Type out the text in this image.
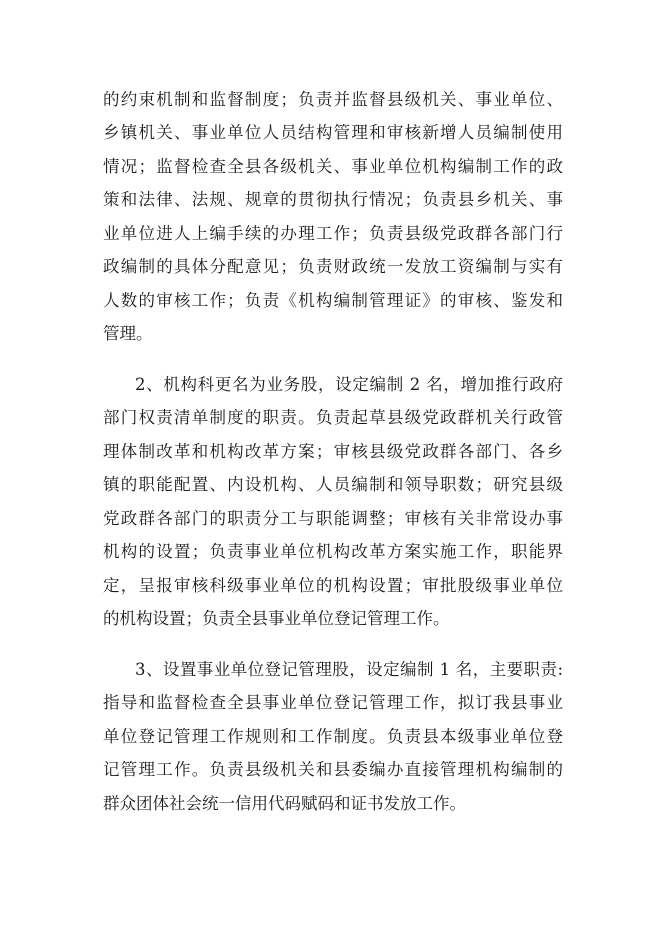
的约束机制和监督制度；负责并监督县级机关、事业单位、
乡镇机关、事业单位人员结构管理和审核新增人员编制使用
情况；监督检查全县各级机关、事业单位机构编制工作的政
策和法律、法规、规章的贯彻执行情况；负责县乡机关、事
业单位进人上编手续的办理工作；负责县级党政群各部门行
政编制的具体分配意见；负责财政统一发放工资编制与实有
人数的审核工作；负责《机构编制管理证》的审核、鉴发和
管理。
2、机构科更名为业务股，设定编制 2 名，增加推行政府
部门权责清单制度的职责。负责起草县级党政群机关行政管
理体制改革和机构改革方案；审核县级党政群各部门、各乡
镇的职能配置、内设机构、人员编制和领导职数；研究县级
党政群各部门的职责分工与职能调整；审核有关非常设办事
机构的设置；负责事业单位机构改革方案实施工作，职能界
定，呈报审核科级事业单位的机构设置；审批股级事业单位
的机构设置；负责全县事业单位登记管理工作。
3、设置事业单位登记管理股，设定编制 1 名，主要职责:
指导和监督检查全县事业单位登记管理工作，拟订我县事业
单位登记管理工作规则和工作制度。负责县本级事业单位登
记管理工作。负责县级机关和县委编办直接管理机构编制的
群众团体社会统一信用代码赋码和证书发放工作。
